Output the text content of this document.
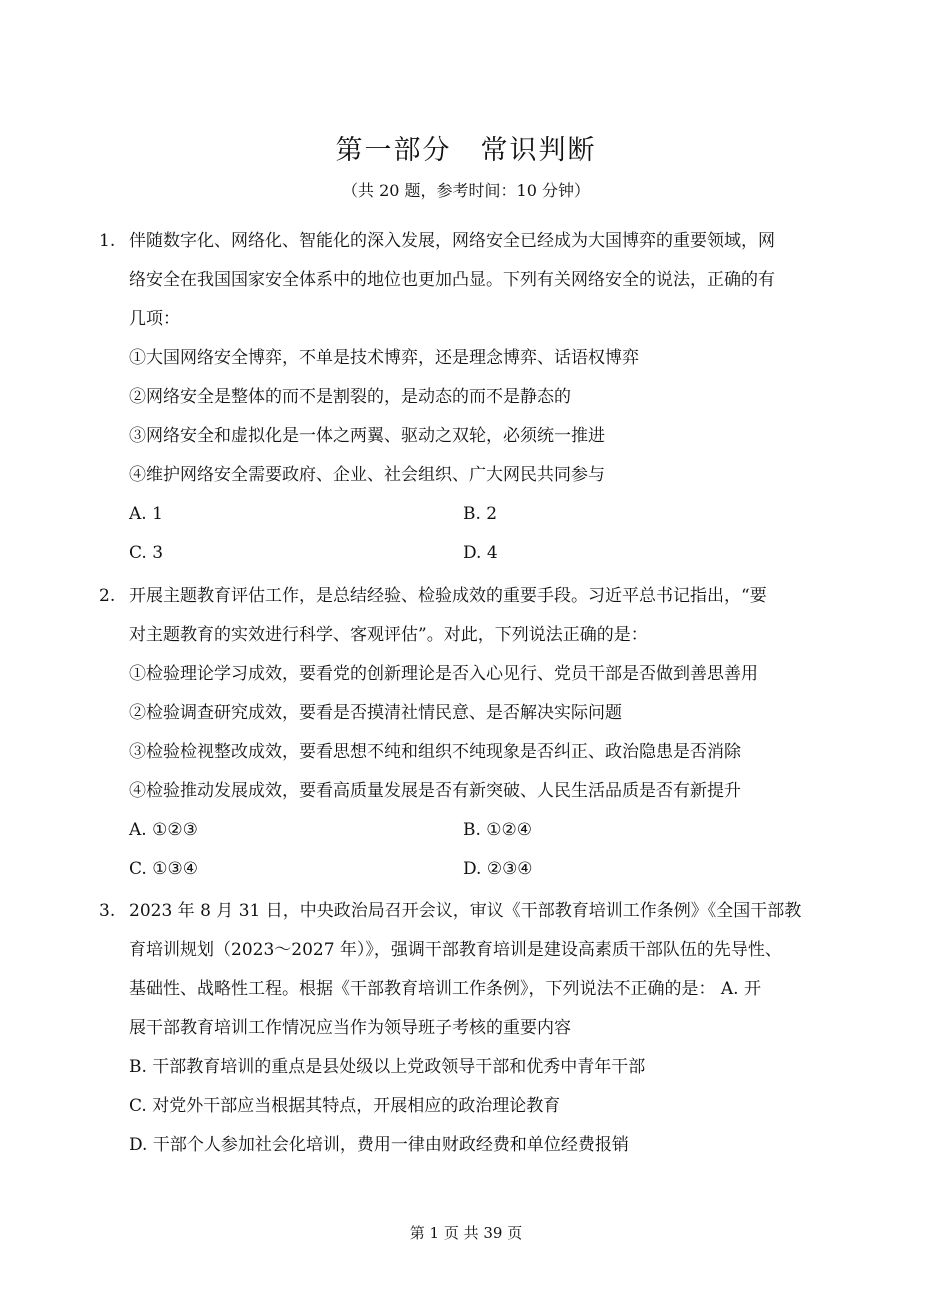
第一部分　常识判断
（共 20 题，参考时间：10 分钟）
1. 伴随数字化、网络化、智能化的深入发展，网络安全已经成为大国博弈的重要领域，网

络安全在我国国家安全体系中的地位也更加凸显。下列有关网络安全的说法，正确的有

几项：

①大国网络安全博弈，不单是技术博弈，还是理念博弈、话语权博弈

②网络安全是整体的而不是割裂的，是动态的而不是静态的

③网络安全和虚拟化是一体之两翼、驱动之双轮，必须统一推进

④维护网络安全需要政府、企业、社会组织、广大网民共同参与

A. 1	B. 2
C. 3	D. 4
2. 开展主题教育评估工作，是总结经验、检验成效的重要手段。习近平总书记指出，“要

对主题教育的实效进行科学、客观评估”。对此，下列说法正确的是：

①检验理论学习成效，要看党的创新理论是否入心见行、党员干部是否做到善思善用

②检验调查研究成效，要看是否摸清社情民意、是否解决实际问题

③检验检视整改成效，要看思想不纯和组织不纯现象是否纠正、政治隐患是否消除

④检验推动发展成效，要看高质量发展是否有新突破、人民生活品质是否有新提升

A. ①②③	B. ①②④
C. ①③④	D. ②③④
3. 2023 年 8 月 31 日，中央政治局召开会议，审议《干部教育培训工作条例》《全国干部教

育培训规划（2023～2027 年）》，强调干部教育培训是建设高素质干部队伍的先导性、

基础性、战略性工程。根据《干部教育培训工作条例》，下列说法不正确的是： A. 开

展干部教育培训工作情况应当作为领导班子考核的重要内容

B. 干部教育培训的重点是县处级以上党政领导干部和优秀中青年干部

C. 对党外干部应当根据其特点，开展相应的政治理论教育

D. 干部个人参加社会化培训，费用一律由财政经费和单位经费报销

第 1 页 共 39 页
